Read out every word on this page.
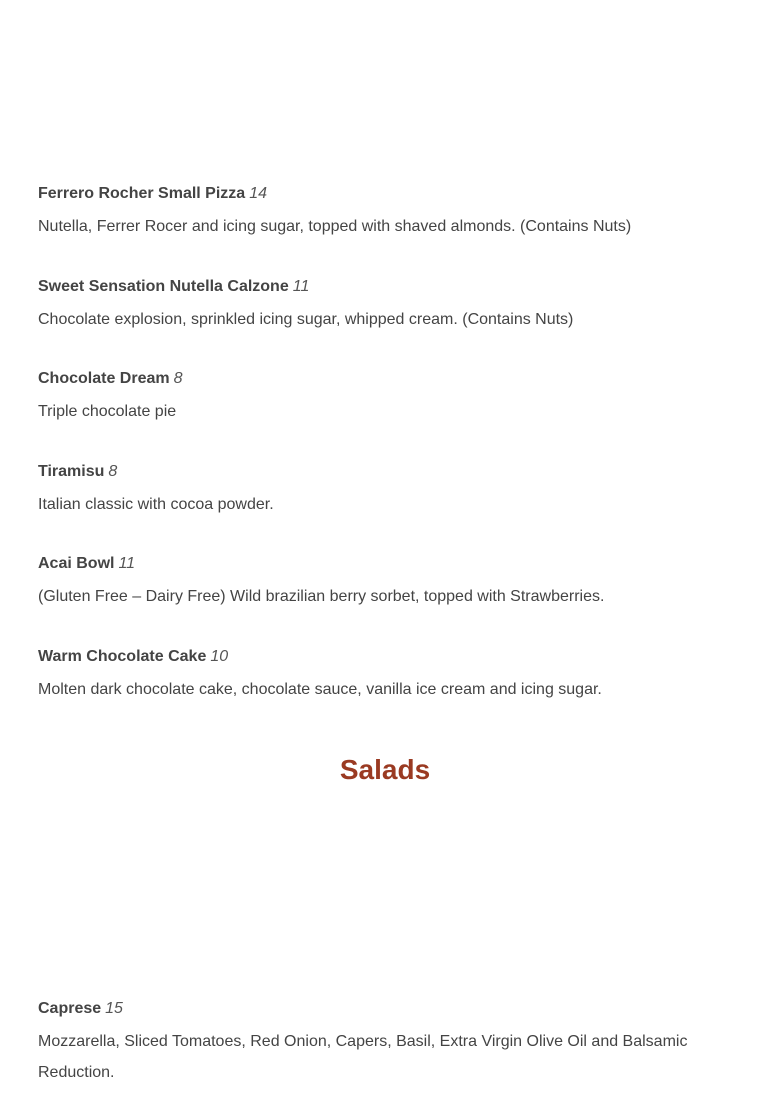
Ferrero Rocher Small Pizza 14

Nutella, Ferrer Rocer and icing sugar, topped with shaved almonds. (Contains Nuts)

Sweet Sensation Nutella Calzone 11

Chocolate explosion, sprinkled icing sugar, whipped cream. (Contains Nuts)

Chocolate Dream 8

Triple chocolate pie

Tiramisu 8

Italian classic with cocoa powder.

Acai Bowl 11

(Gluten Free – Dairy Free) Wild brazilian berry sorbet, topped with Strawberries.

Warm Chocolate Cake 10

Molten dark chocolate cake, chocolate sauce, vanilla ice cream and icing sugar.

Caprese 15

Mozzarella, Sliced Tomatoes, Red Onion, Capers, Basil, Extra Virgin Olive Oil and Balsamic Reduction.

Salads
